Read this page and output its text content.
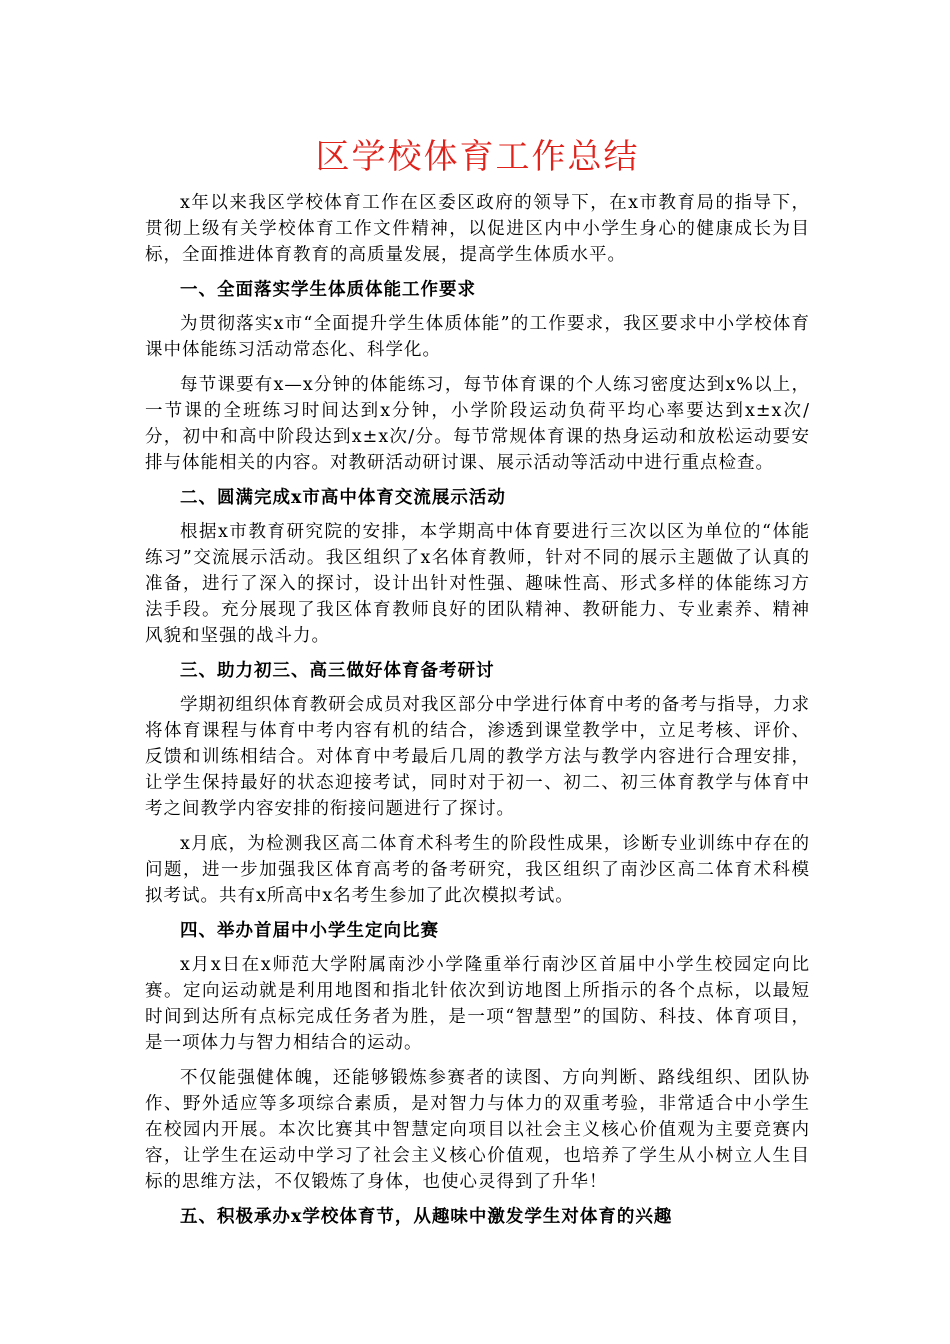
区学校体育工作总结

x年以来我区学校体育工作在区委区政府的领导下，在x市教育局的指导下，贯彻上级有关学校体育工作文件精神，以促进区内中小学生身心的健康成长为目标，全面推进体育教育的高质量发展，提高学生体质水平。

一、全面落实学生体质体能工作要求

为贯彻落实x市“全面提升学生体质体能”的工作要求，我区要求中小学校体育课中体能练习活动常态化、科学化。

每节课要有x—x分钟的体能练习，每节体育课的个人练习密度达到x%以上，一节课的全班练习时间达到x分钟，小学阶段运动负荷平均心率要达到x±x次/分，初中和高中阶段达到x±x次/分。每节常规体育课的热身运动和放松运动要安排与体能相关的内容。对教研活动研讨课、展示活动等活动中进行重点检查。

二、圆满完成x市高中体育交流展示活动

根据x市教育研究院的安排，本学期高中体育要进行三次以区为单位的“体能练习”交流展示活动。我区组织了x名体育教师，针对不同的展示主题做了认真的准备，进行了深入的探讨，设计出针对性强、趣味性高、形式多样的体能练习方法手段。充分展现了我区体育教师良好的团队精神、教研能力、专业素养、精神风貌和坚强的战斗力。

三、助力初三、高三做好体育备考研讨

学期初组织体育教研会成员对我区部分中学进行体育中考的备考与指导，力求将体育课程与体育中考内容有机的结合，渗透到课堂教学中，立足考核、评价、反馈和训练相结合。对体育中考最后几周的教学方法与教学内容进行合理安排，让学生保持最好的状态迎接考试，同时对于初一、初二、初三体育教学与体育中考之间教学内容安排的衔接问题进行了探讨。

x月底，为检测我区高二体育术科考生的阶段性成果，诊断专业训练中存在的问题，进一步加强我区体育高考的备考研究，我区组织了南沙区高二体育术科模拟考试。共有x所高中x名考生参加了此次模拟考试。

四、举办首届中小学生定向比赛

x月x日在x师范大学附属南沙小学隆重举行南沙区首届中小学生校园定向比赛。定向运动就是利用地图和指北针依次到访地图上所指示的各个点标，以最短时间到达所有点标完成任务者为胜，是一项“智慧型”的国防、科技、体育项目，是一项体力与智力相结合的运动。

不仅能强健体魄，还能够锻炼参赛者的读图、方向判断、路线组织、团队协作、野外适应等多项综合素质，是对智力与体力的双重考验，非常适合中小学生在校园内开展。本次比赛其中智慧定向项目以社会主义核心价值观为主要竞赛内容，让学生在运动中学习了社会主义核心价值观，也培养了学生从小树立人生目标的思维方法，不仅锻炼了身体，也使心灵得到了升华！

五、积极承办x学校体育节，从趣味中激发学生对体育的兴趣
